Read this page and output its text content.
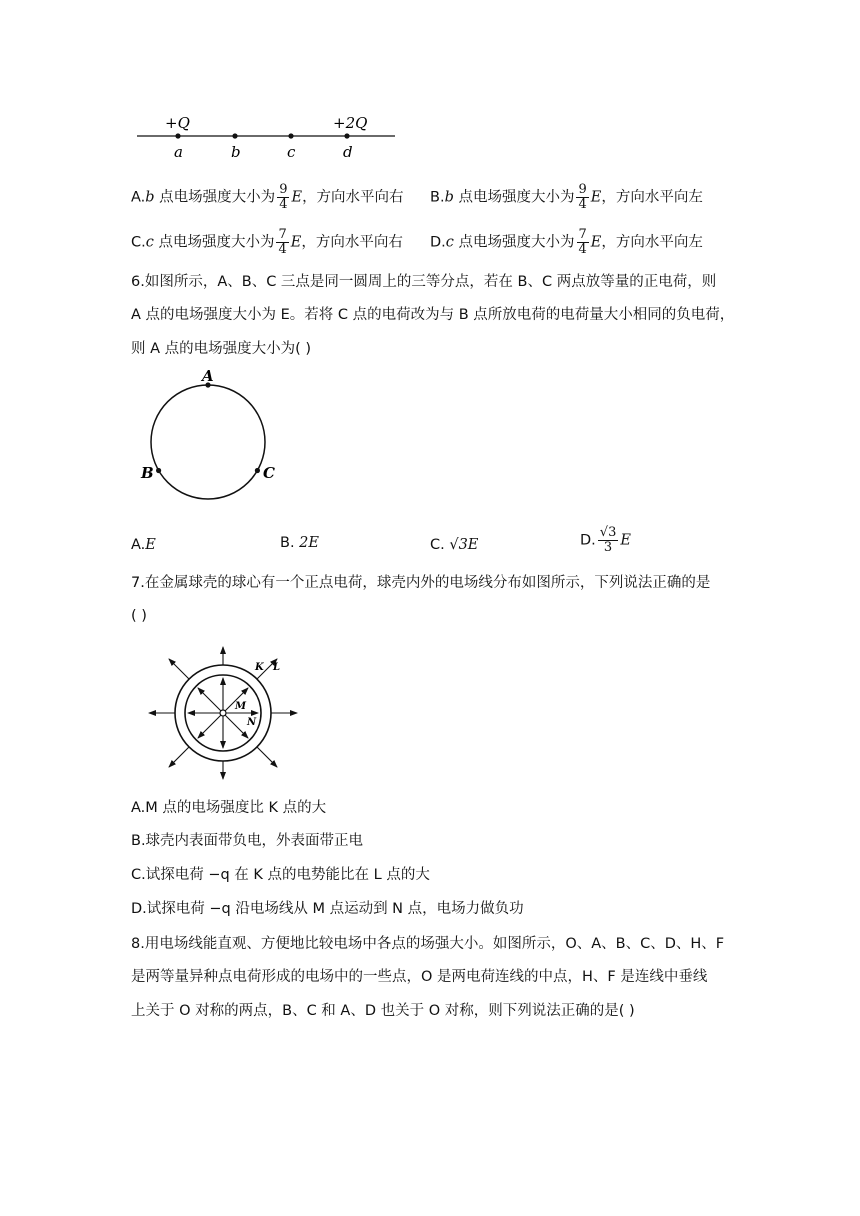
+Q	+2Q
a	b	c	d
A.b 点电场强度大小为 $\frac{9}{4}$ E，方向水平向右 B.b 点电场强度大小为 $\frac{9}{4}$ E，方向水平向左
C.c 点电场强度大小为 $\frac{7}{4}$ E，方向水平向右 D.c 点电场强度大小为 $\frac{7}{4}$ E，方向水平向左
6.如图所示，A、B、C 三点是同一圆周上的三等分点，若在 B、C 两点放等量的正电荷，则
A 点的电场强度大小为 E。若将 C 点的电荷改为与 B 点所放电荷的电荷量大小相同的负电荷，
则 A 点的电场强度大小为( )
A
B	C
A.E	B. 2E	C. √3E	D. $\frac{√3}{3}$ E
7.在金属球壳的球心有一个正点电荷，球壳内外的电场线分布如图所示，下列说法正确的是
( )
K L
M
N
A.M 点的电场强度比 K 点的大
B.球壳内表面带负电，外表面带正电
C.试探电荷 −q 在 K 点的电势能比在 L 点的大
D.试探电荷 −q 沿电场线从 M 点运动到 N 点，电场力做负功
8.用电场线能直观、方便地比较电场中各点的场强大小。如图所示，O、A、B、C、D、H、F
是两等量异种点电荷形成的电场中的一些点，O 是两电荷连线的中点，H、F 是连线中垂线
上关于 O 对称的两点，B、C 和 A、D 也关于 O 对称，则下列说法正确的是( )
